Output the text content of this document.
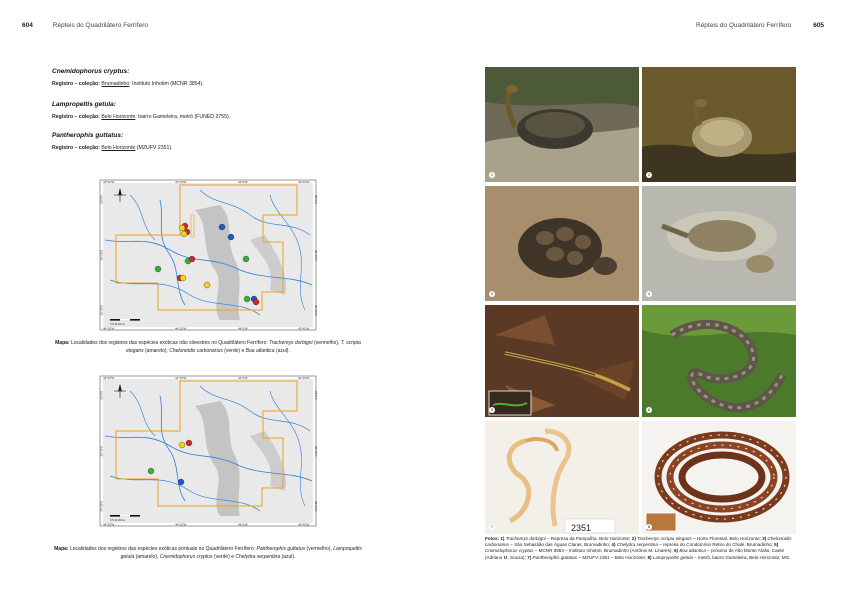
604	Répteis do Quadrilátero Ferrífero
Cnemidophorus cryptus:
Registro – coleção: Brumadinho: Instituto Inhotim (MCNR 3854).
Lampropeltis getula:
Registro – coleção: Belo Horizonte: bairro Gameleira, metrô (FUNED 2755).
Pantherophis guttatus:
Registro – coleção: Belo Horizonte (MZUFV 2351).
44°30'W	44°15'W	44°0'W	43°45'W
44°30'W	44°15'W	44°0'W	43°45'W
20°0'S
20°15'S
20°30'S
20°0'S
20°15'S
20°30'S
0 5 10 20 km
Mapa: Localidades dos registros das espécies exóticas não silvestres no Quadrilátero Ferrífero: Trachemys dorbigni (vermelho), T. scripta elegans (amarelo), Chelonoidis carbonarius (verde) e Boa atlantica (azul).
44°30'W	44°15'W	44°0'W	43°45'W
44°30'W	44°15'W	44°0'W	43°45'W
20°0'S
20°15'S
20°30'S
20°0'S
20°15'S
20°30'S
0 5 10 20 km
Mapa: Localidades dos registros das espécies exóticas pontuais no Quadrilátero Ferrífero: Pantherophis guttatus (vermelho), Lampropeltis getula (amarelo), Cnemidophorus cryptus (verde) e Chelydra serpentina (azul).
Répteis do Quadrilátero Ferrífero	605
1	2
3	4
5	6
2351
7	8
Fotos: 1) Trachemys dorbigni – Represa da Pampulha, Belo Horizonte; 2) Trachemys scripta elegans – Horto Florestal, Belo Horizonte; 3) Chelonoidis carbonarius – São Sebastião das Águas Claras, Brumadinho; 4) Chelydra serpentina – represa do Condomínio Retiro do Chalé, Brumadinho; 5) Cnemidophorus cryptus – MCNR 3854 – Instituto Inhotim, Brumadinho (Antônio M. Linares); 6) Boa atlantica – próximo de Alto Monte Alvão, Caeté (Adriano M. Souza); 7) Pantherophis guttatus – MZUFV 2351 – Belo Horizonte; 8) Lampropeltis getula – metrô, bairro Gameleira, Belo Horizonte; MG.
